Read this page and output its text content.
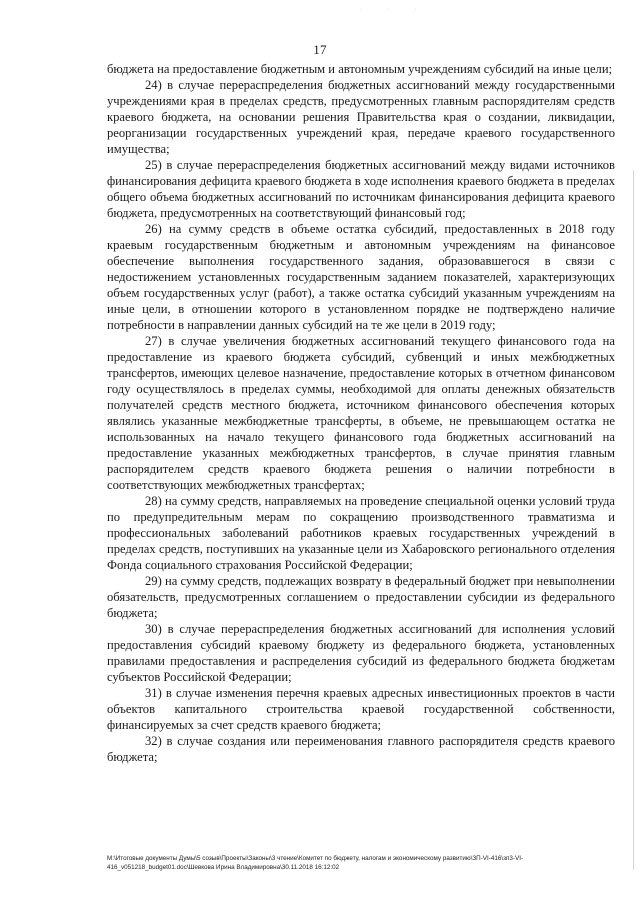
. . .
17

бюджета на предоставление бюджетным и автономным учреждениям субсидий на иные цели;

24) в случае перераспределения бюджетных ассигнований между государственными учреждениями края в пределах средств, предусмотренных главным распорядителям средств краевого бюджета, на основании решения Правительства края о создании, ликвидации, реорганизации государственных учреждений края, передаче краевого государственного имущества;

25) в случае перераспределения бюджетных ассигнований между видами источников финансирования дефицита краевого бюджета в ходе исполнения краевого бюджета в пределах общего объема бюджетных ассигнований по источникам финансирования дефицита краевого бюджета, предусмотренных на соответствующий финансовый год;

26) на сумму средств в объеме остатка субсидий, предоставленных в 2018 году краевым государственным бюджетным и автономным учреждениям на финансовое обеспечение выполнения государственного задания, образовавшегося в связи с недостижением установленных государственным заданием показателей, характеризующих объем государственных услуг (работ), а также остатка субсидий указанным учреждениям на иные цели, в отношении которого в установленном порядке не подтверждено наличие потребности в направлении данных субсидий на те же цели в 2019 году;

27) в случае увеличения бюджетных ассигнований текущего финансового года на предоставление из краевого бюджета субсидий, субвенций и иных межбюджетных трансфертов, имеющих целевое назначение, предоставление которых в отчетном финансовом году осуществлялось в пределах суммы, необходимой для оплаты денежных обязательств получателей средств местного бюджета, источником финансового обеспечения которых являлись указанные межбюджетные трансферты, в объеме, не превышающем остатка не использованных на начало текущего финансового года бюджетных ассигнований на предоставление указанных межбюджетных трансфертов, в случае принятия главным распорядителем средств краевого бюджета решения о наличии потребности в соответствующих межбюджетных трансфертах;

28) на сумму средств, направляемых на проведение специальной оценки условий труда по предупредительным мерам по сокращению производственного травматизма и профессиональных заболеваний работников краевых государственных учреждений в пределах средств, поступивших на указанные цели из Хабаровского регионального отделения Фонда социального страхования Российской Федерации;

29) на сумму средств, подлежащих возврату в федеральный бюджет при невыполнении обязательств, предусмотренных соглашением о предоставлении субсидии из федерального бюджета;

30) в случае перераспределения бюджетных ассигнований для исполнения условий предоставления субсидий краевому бюджету из федерального бюджета, установленных правилами предоставления и распределения субсидий из федерального бюджета бюджетам субъектов Российской Федерации;

31) в случае изменения перечня краевых адресных инвестиционных проектов в части объектов капитального строительства краевой государственной собственности, финансируемых за счет средств краевого бюджета;

32) в случае создания или переименования главного распорядителя средств краевого бюджета;

М:\Итоговые документы Думы\5 созыв\Проекты\Законы\3 чтение\Комитет по бюджету, налогам и экономическому развитию\ЗП-VI-416\зп3-VI-
416_v051218_budget01.doc\Шевкова Ирина Владимировна\30.11.2018 16:12:02
